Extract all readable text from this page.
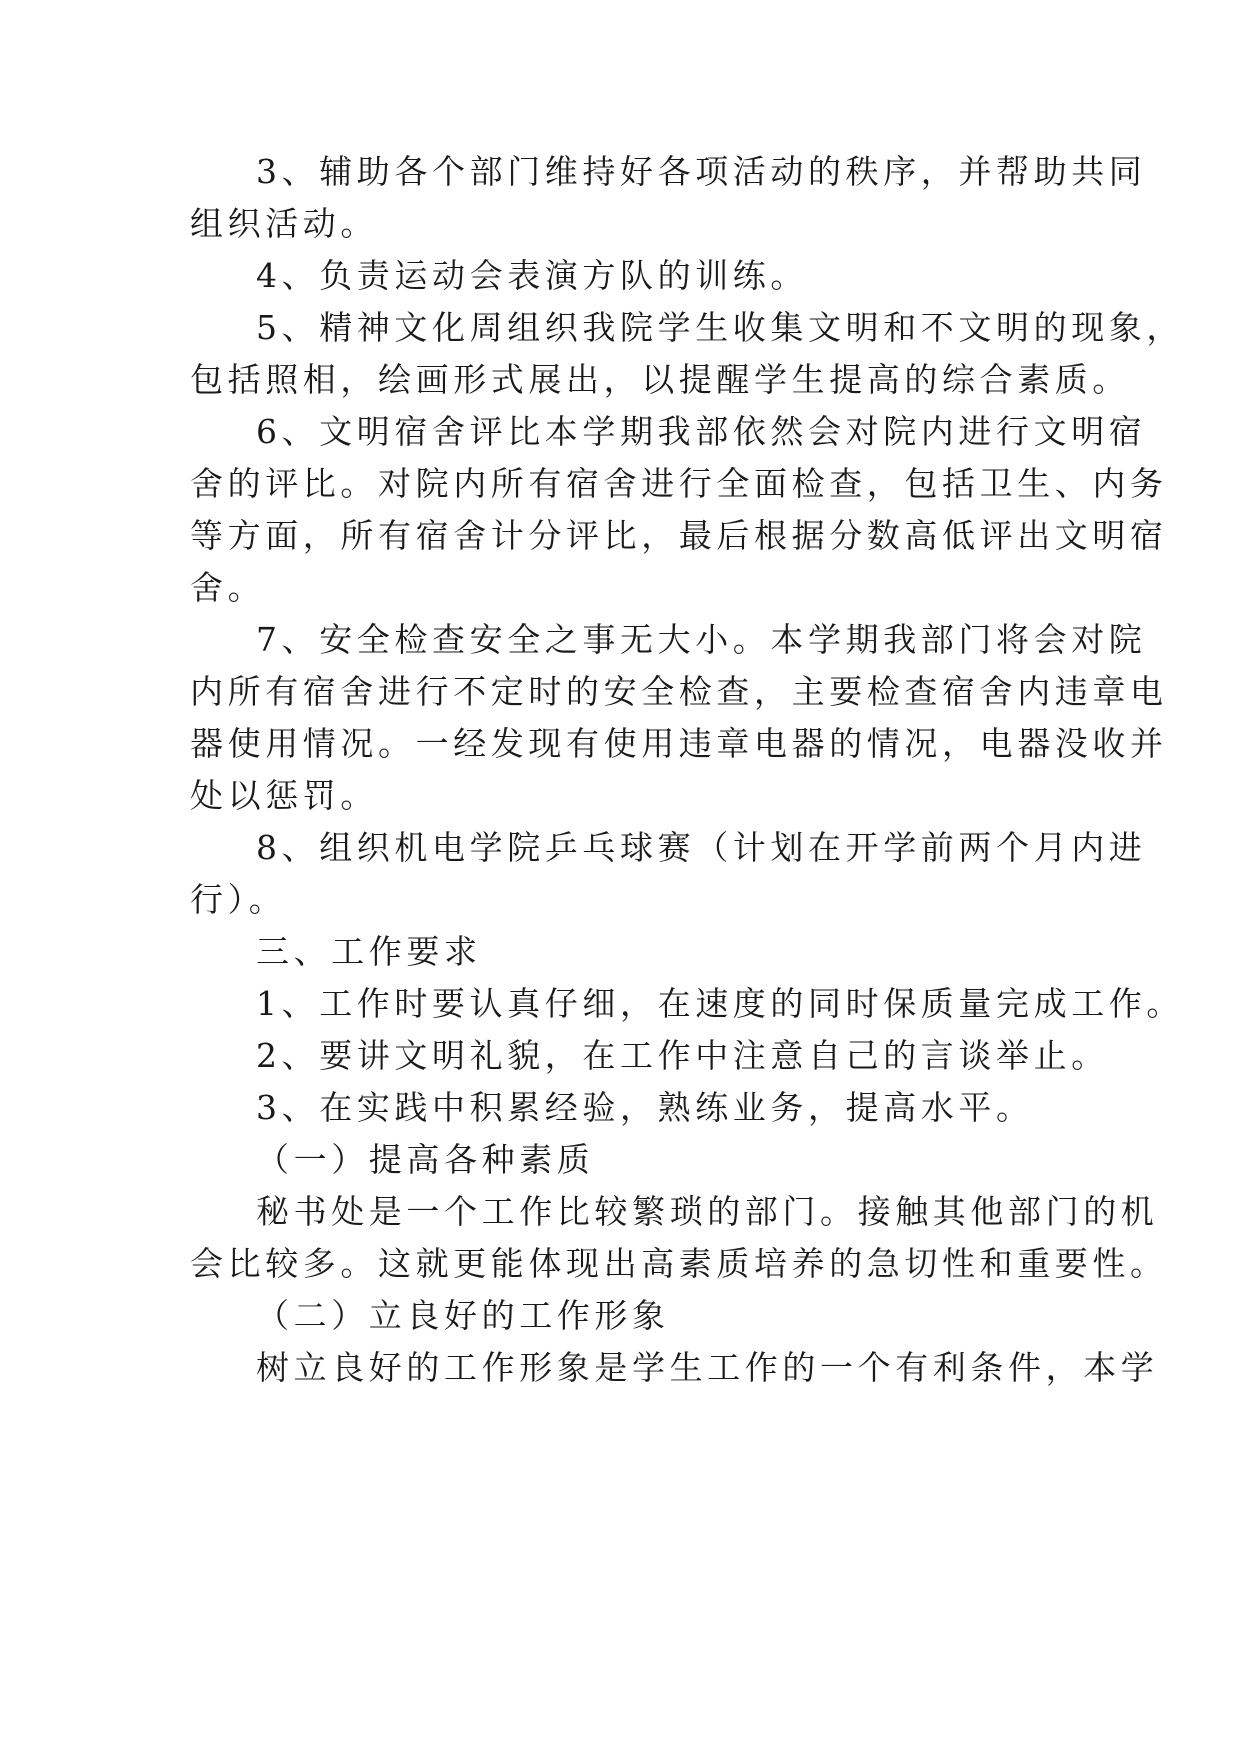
3、辅助各个部门维持好各项活动的秩序，并帮助共同
组织活动。
4、负责运动会表演方队的训练。
5、精神文化周组织我院学生收集文明和不文明的现象，
包括照相，绘画形式展出，以提醒学生提高的综合素质。
6、文明宿舍评比本学期我部依然会对院内进行文明宿
舍的评比。对院内所有宿舍进行全面检查，包括卫生、内务
等方面，所有宿舍计分评比，最后根据分数高低评出文明宿
舍。
7、安全检查安全之事无大小。本学期我部门将会对院
内所有宿舍进行不定时的安全检查，主要检查宿舍内违章电
器使用情况。一经发现有使用违章电器的情况，电器没收并
处以惩罚。
8、组织机电学院乒乓球赛（计划在开学前两个月内进
行）。
三、工作要求
1、工作时要认真仔细，在速度的同时保质量完成工作。
2、要讲文明礼貌，在工作中注意自己的言谈举止。
3、在实践中积累经验，熟练业务，提高水平。
（一）提高各种素质
秘书处是一个工作比较繁琐的部门。接触其他部门的机
会比较多。这就更能体现出高素质培养的急切性和重要性。
（二）立良好的工作形象
树立良好的工作形象是学生工作的一个有利条件，本学
